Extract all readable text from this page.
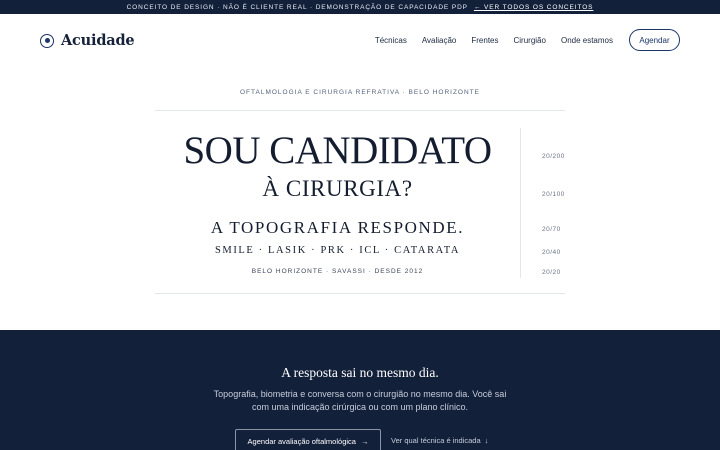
CONCEITO DE DESIGN · NÃO É CLIENTE REAL · DEMONSTRAÇÃO DE CAPACIDADE PDP ← VER TODOS OS CONCEITOS
Acuidade	Técnicas Avaliação Frentes Cirurgião Onde estamos	Agendar
OFTALMOLOGIA E CIRURGIA REFRATIVA · BELO HORIZONTE
SOU CANDIDATO
À CIRURGIA?
A TOPOGRAFIA RESPONDE.
SMILE · LASIK · PRK · ICL · CATARATA
BELO HORIZONTE · SAVASSI · DESDE 2012
20/200
20/100
20/70
20/40
20/20
A resposta sai no mesmo dia.
Topografia, biometria e conversa com o cirurgião no mesmo dia. Você sai com uma indicação cirúrgica ou com um plano clínico.
Agendar avaliação oftalmológica →	Ver qual técnica é indicada ↓
